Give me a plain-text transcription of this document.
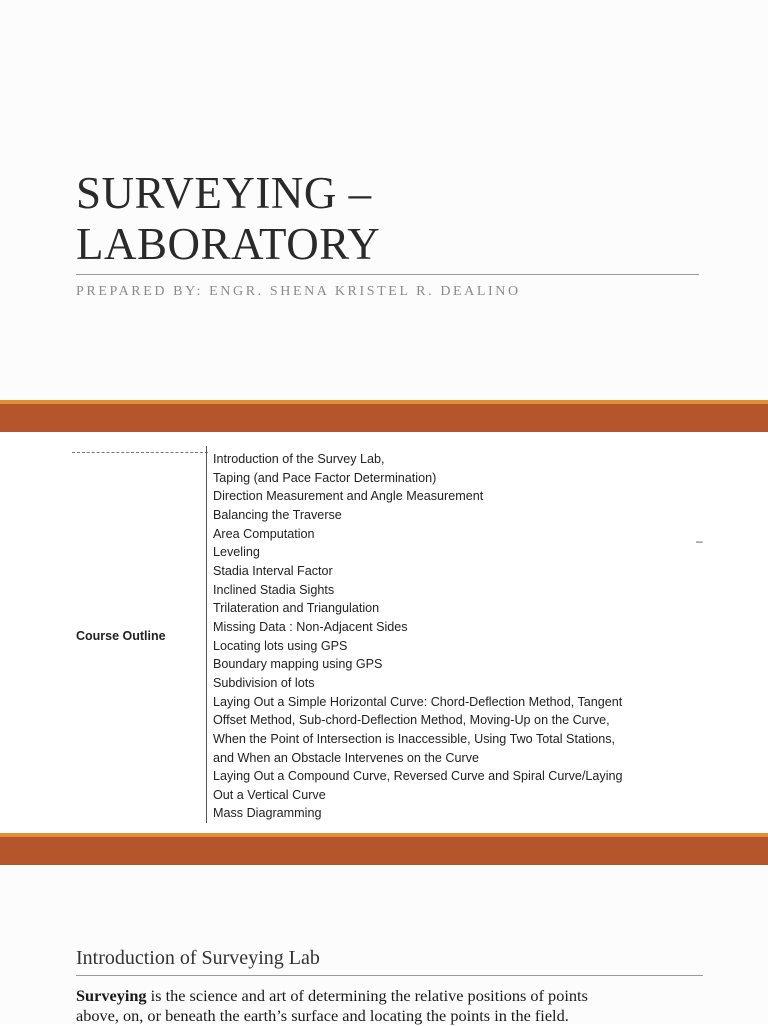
SURVEYING –
LABORATORY
PREPARED BY: ENGR. SHENA KRISTEL R. DEALINO
Course Outline
Introduction of the Survey Lab,
Taping (and Pace Factor Determination)
Direction Measurement and Angle Measurement
Balancing the Traverse
Area Computation
Leveling
Stadia Interval Factor
Inclined Stadia Sights
Trilateration and Triangulation
Missing Data : Non-Adjacent Sides
Locating lots using GPS
Boundary mapping using GPS
Subdivision of lots
Laying Out a Simple Horizontal Curve: Chord-Deflection Method, Tangent
Offset Method, Sub-chord-Deflection Method, Moving-Up on the Curve,
When the Point of Intersection is Inaccessible, Using Two Total Stations,
and When an Obstacle Intervenes on the Curve
Laying Out a Compound Curve, Reversed Curve and Spiral Curve/Laying
Out a Vertical Curve
Mass Diagramming
–
Introduction of Surveying Lab

Surveying is the science and art of determining the relative positions of points
above, on, or beneath the earth’s surface and locating the points in the field.
